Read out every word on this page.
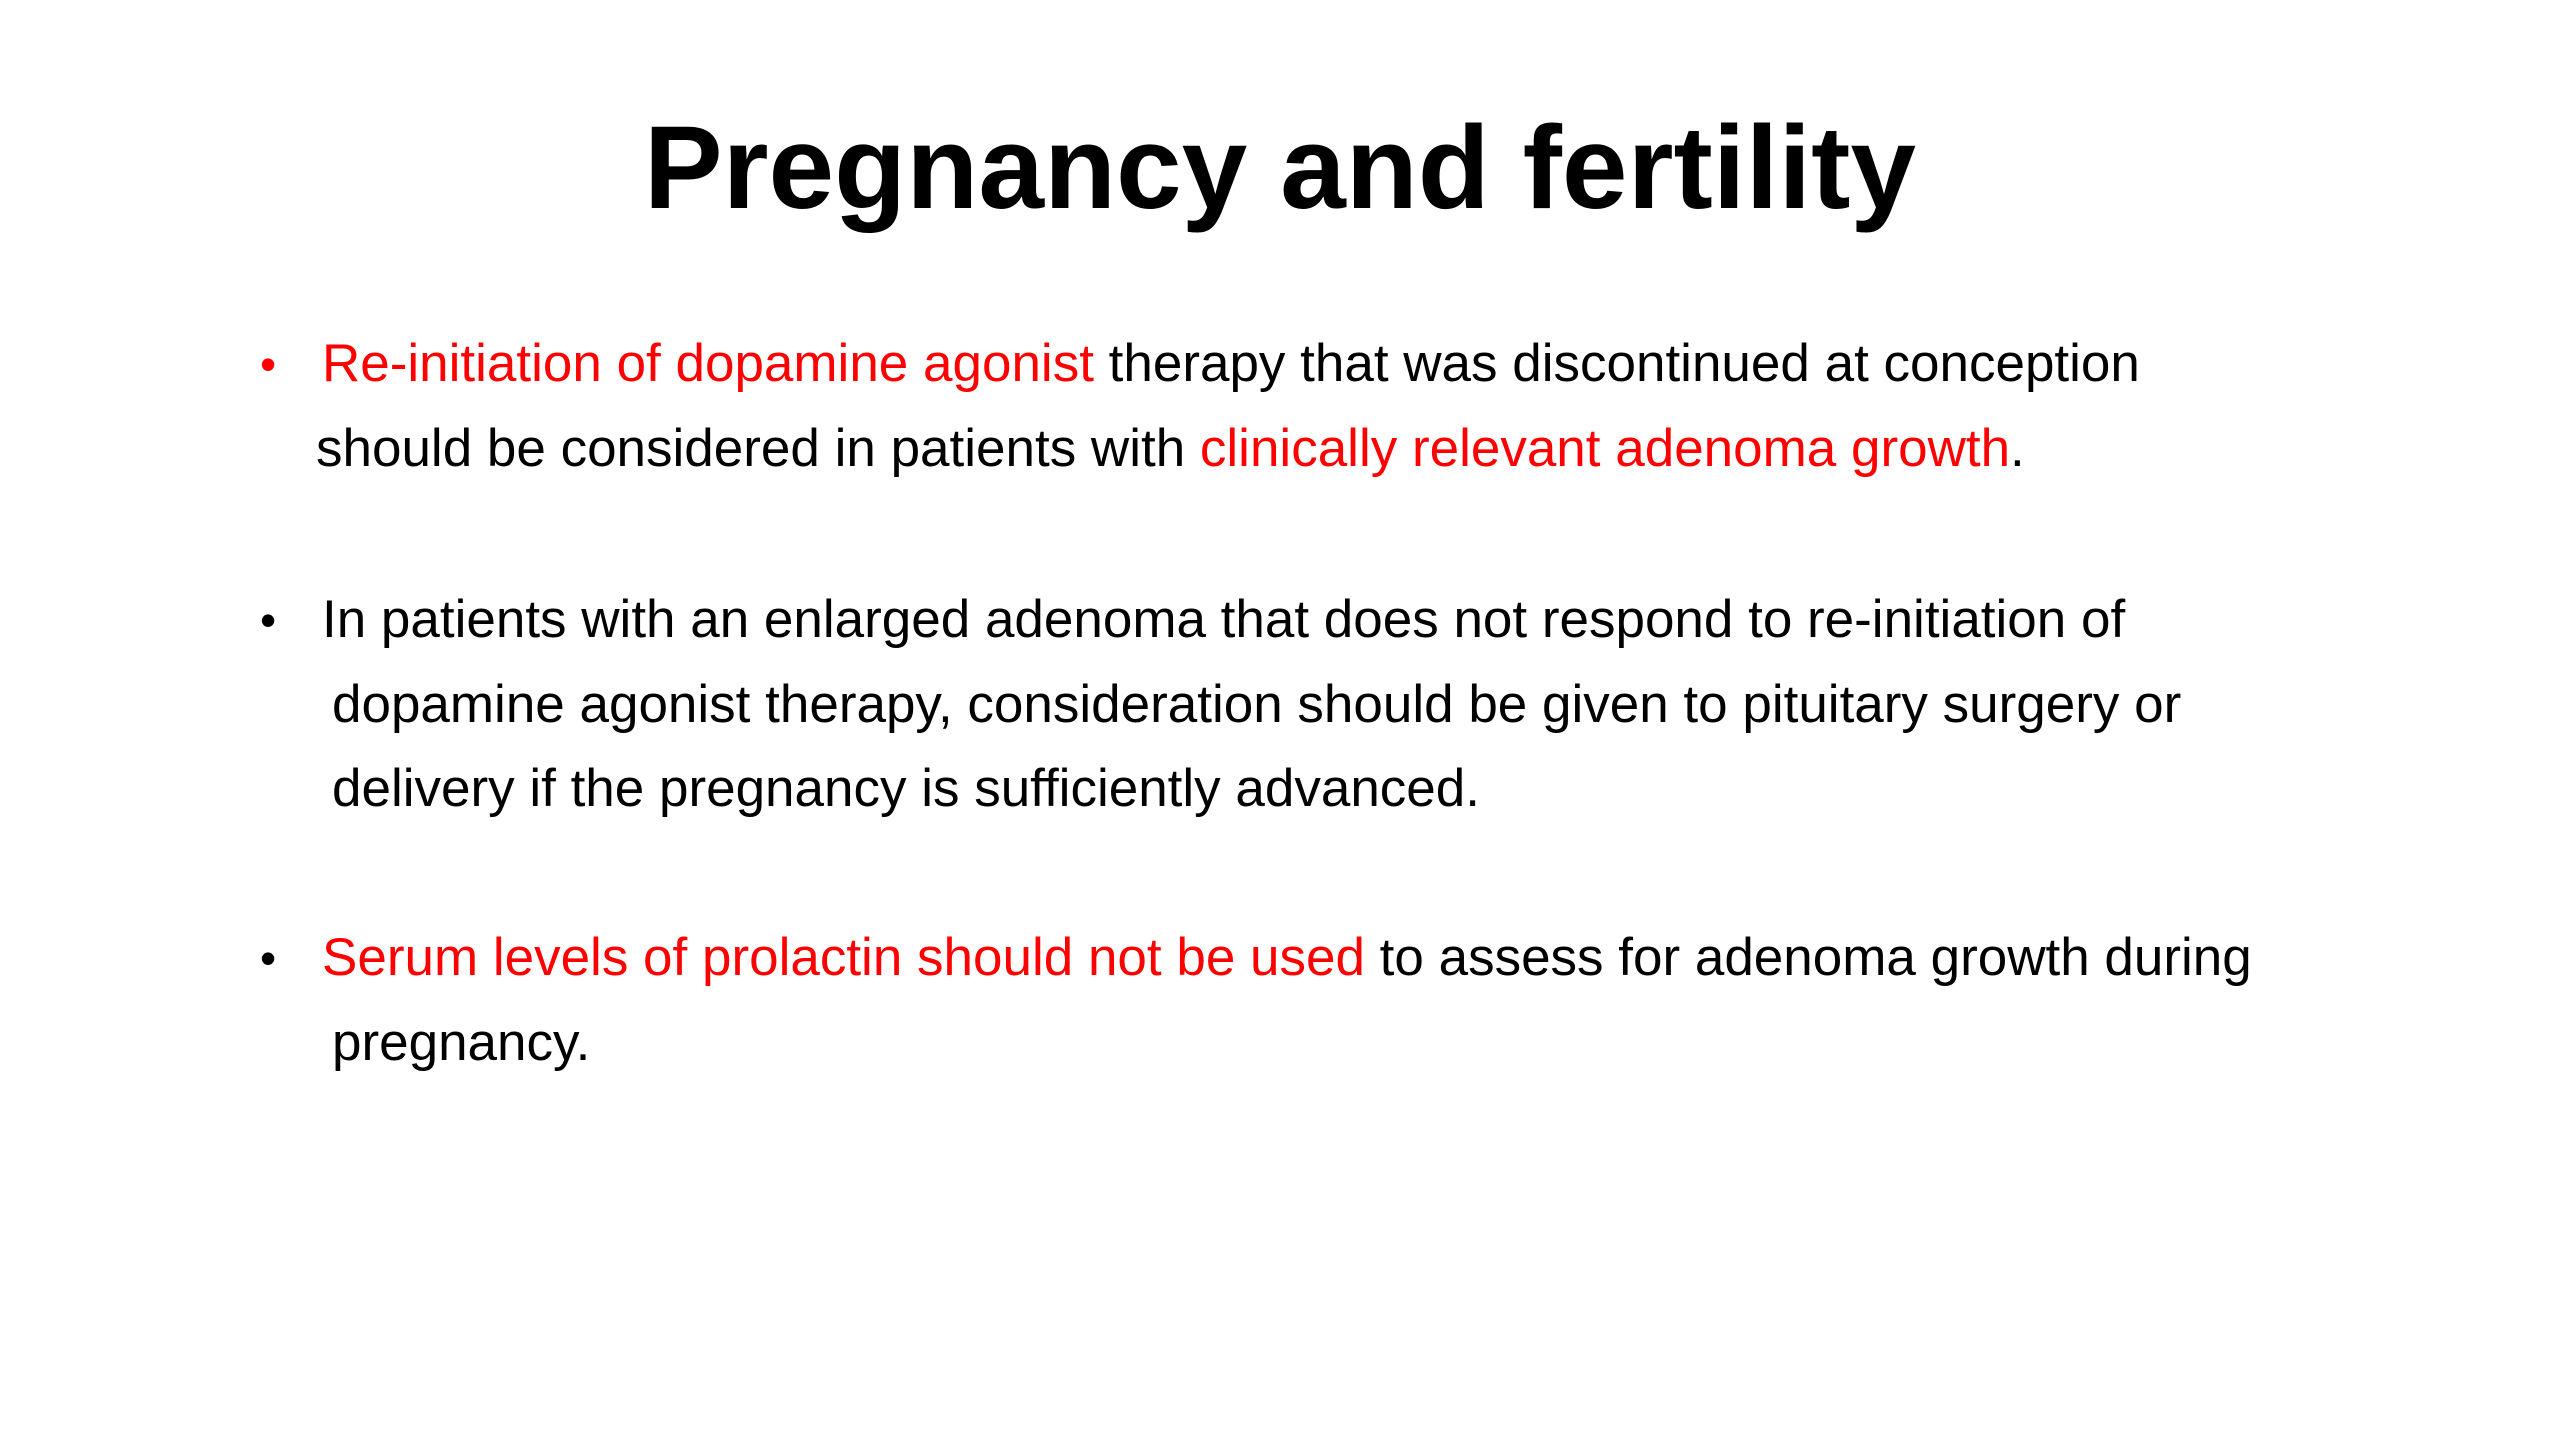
Pregnancy and fertility
• Re-initiation of dopamine agonist therapy that was discontinued at conception
should be considered in patients with clinically relevant adenoma growth.
• In patients with an enlarged adenoma that does not respond to re-initiation of
dopamine agonist therapy, consideration should be given to pituitary surgery or
delivery if the pregnancy is sufficiently advanced.
• Serum levels of prolactin should not be used to assess for adenoma growth during
pregnancy.
